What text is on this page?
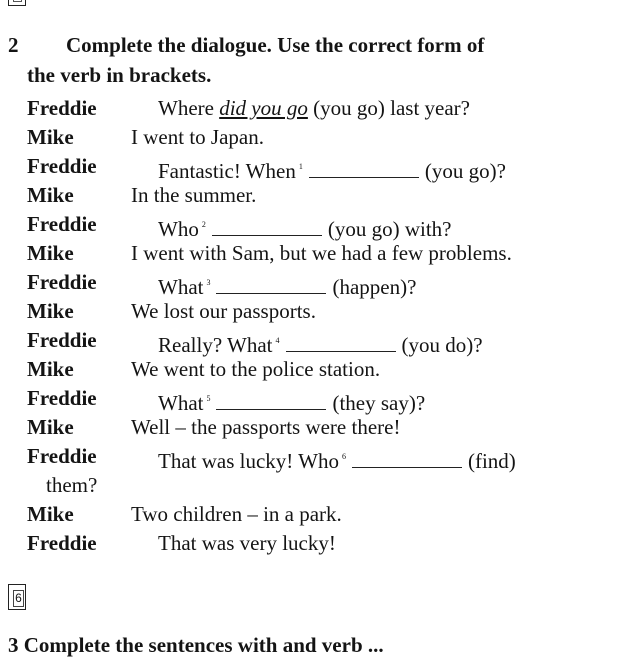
2 Complete the dialogue. Use the correct form of
the verb in brackets.
Freddie	Where did you go (you go) last year?
Mike	I went to Japan.
Freddie	Fantastic! When $^1$	(you go)?
Mike	In the summer.
Freddie	Who $^2$	(you go) with?
Mike	I went with Sam, but we had a few problems.
Freddie	What $^3$	(happen)?
Mike	We lost our passports.
Freddie	Really? What $^4$	(you do)?
Mike	We went to the police station.
Freddie	What $^5$	(they say)?
Mike	Well – the passports were there!
Freddie	That was lucky! Who $^6$	(find)
them?
Mike	Two children – in a park.
Freddie	That was very lucky!
6
3 Complete the sentences with and verb ...
